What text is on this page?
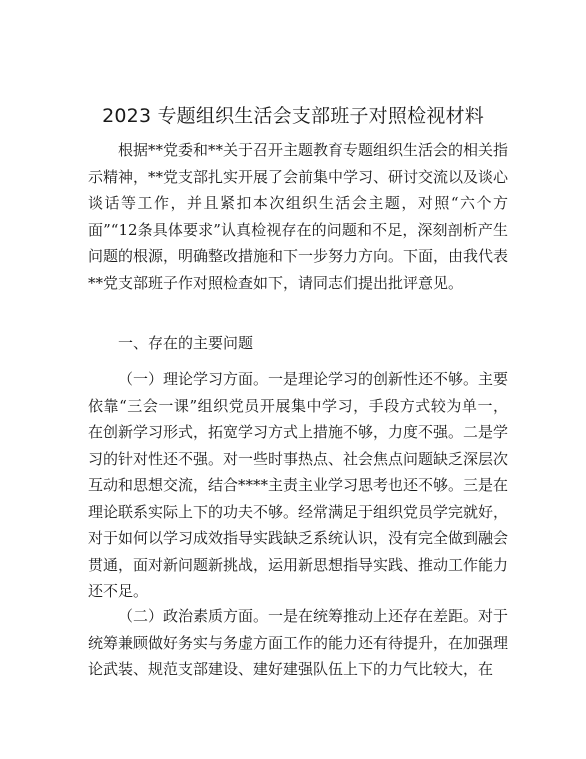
2023 专题组织生活会支部班子对照检视材料

根据**党委和**关于召开主题教育专题组织生活会的相关指示精神，**党支部扎实开展了会前集中学习、研讨交流以及谈心谈话等工作，并且紧扣本次组织生活会主题，对照“六个方面”“12条具体要求”认真检视存在的问题和不足，深刻剖析产生问题的根源，明确整改措施和下一步努力方向。下面，由我代表**党支部班子作对照检查如下，请同志们提出批评意见。

一、存在的主要问题

（一）理论学习方面。一是理论学习的创新性还不够。主要依靠“三会一课”组织党员开展集中学习，手段方式较为单一，在创新学习形式，拓宽学习方式上措施不够，力度不强。二是学习的针对性还不强。对一些时事热点、社会焦点问题缺乏深层次互动和思想交流，结合****主责主业学习思考也还不够。三是在理论联系实际上下的功夫不够。经常满足于组织党员学完就好，对于如何以学习成效指导实践缺乏系统认识，没有完全做到融会贯通，面对新问题新挑战，运用新思想指导实践、推动工作能力还不足。

（二）政治素质方面。一是在统筹推动上还存在差距。对于统筹兼顾做好务实与务虚方面工作的能力还有待提升，在加强理论武装、规范支部建设、建好建强队伍上下的力气比较大，在
